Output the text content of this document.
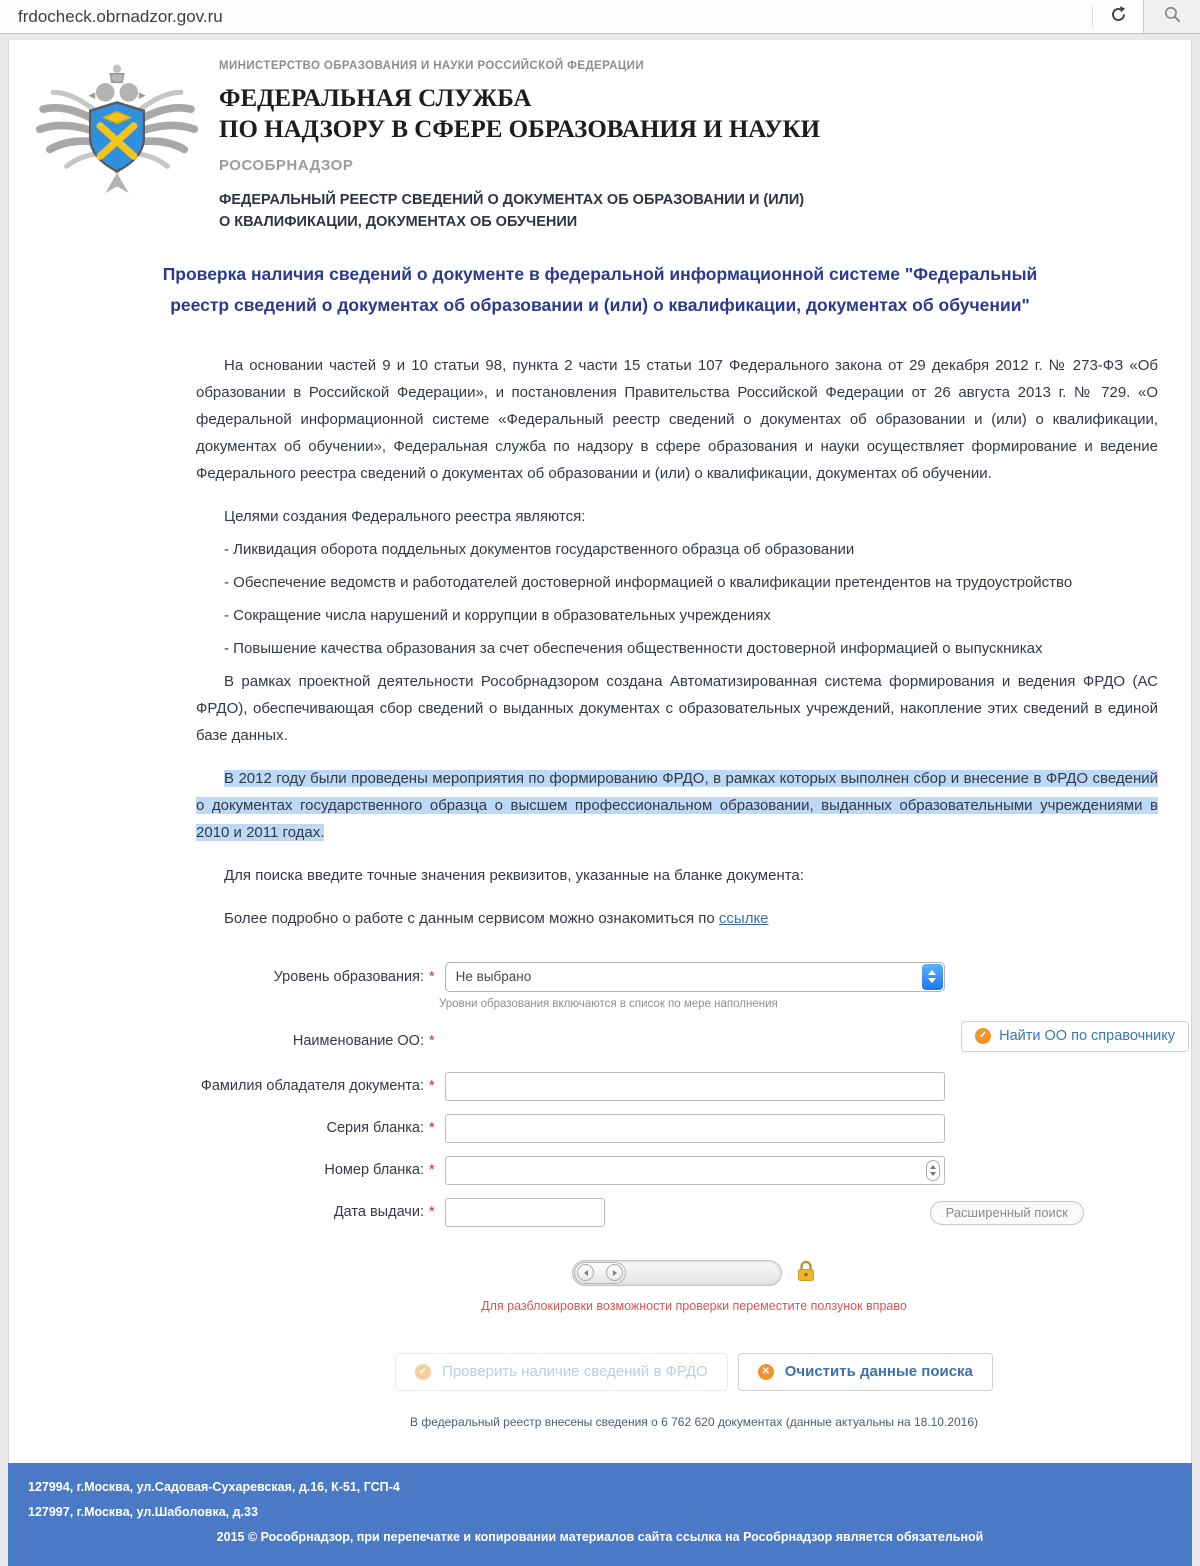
frdocheck.obrnadzor.gov.ru
МИНИСТЕРСТВО ОБРАЗОВАНИЯ И НАУКИ РОССИЙСКОЙ ФЕДЕРАЦИИ
ФЕДЕРАЛЬНАЯ СЛУЖБА
ПО НАДЗОРУ В СФЕРЕ ОБРАЗОВАНИЯ И НАУКИ
РОСОБРНАДЗОР
ФЕДЕРАЛЬНЫЙ РЕЕСТР СВЕДЕНИЙ О ДОКУМЕНТАХ ОБ ОБРАЗОВАНИИ И (ИЛИ)
О КВАЛИФИКАЦИИ, ДОКУМЕНТАХ ОБ ОБУЧЕНИИ
Проверка наличия сведений о документе в федеральной информационной системе "Федеральный реестр сведений о документах об образовании и (или) о квалификации, документах об обучении"

На основании частей 9 и 10 статьи 98, пункта 2 части 15 статьи 107 Федерального закона от 29 декабря 2012 г. № 273-ФЗ «Об образовании в Российской Федерации», и постановления Правительства Российской Федерации от 26 августа 2013 г. № 729. «О федеральной информационной системе «Федеральный реестр сведений о документах об образовании и (или) о квалификации, документах об обучении», Федеральная служба по надзору в сфере образования и науки осуществляет формирование и ведение Федерального реестра сведений о документах об образовании и (или) о квалификации, документах об обучении.

Целями создания Федерального реестра являются:

- Ликвидация оборота поддельных документов государственного образца об образовании

- Обеспечение ведомств и работодателей достоверной информацией о квалификации претендентов на трудоустройство

- Сокращение числа нарушений и коррупции в образовательных учреждениях

- Повышение качества образования за счет обеспечения общественности достоверной информацией о выпускниках

В рамках проектной деятельности Рособрнадзором создана Автоматизированная система формирования и ведения ФРДО (АС ФРДО), обеспечивающая сбор сведений о выданных документах с образовательных учреждений, накопление этих сведений в единой базе данных.

В 2012 году были проведены мероприятия по формированию ФРДО, в рамках которых выполнен сбор и внесение в ФРДО сведений о документах государственного образца о высшем профессиональном образовании, выданных образовательными учреждениями в 2010 и 2011 годах.

Для поиска введите точные значения реквизитов, указанные на бланке документа:

Более подробно о работе с данным сервисом можно ознакомиться по ссылке

Уровень образования: * Не выбрано
Уровни образования включаются в список по мере наполнения
Наименование ОО: *	✓ Найти ОО по справочнику
Фамилия обладателя документа: *
Серия бланка: *
Номер бланка: *
Дата выдачи: *	Расширенный поиск
Для разблокировки возможности проверки переместите ползунок вправо
✓ Проверить наличие сведений в ФРДО	✕ Очистить данные поиска
В федеральный реестр внесены сведения о 6 762 620 документах (данные актуальны на 18.10.2016)
127994, г.Москва, ул.Садовая-Сухаревская, д.16, К-51, ГСП-4
127997, г.Москва, ул.Шаболовка, д.33
2015 © Рособрнадзор, при перепечатке и копировании материалов сайта ссылка на Рособрнадзор является обязательной
